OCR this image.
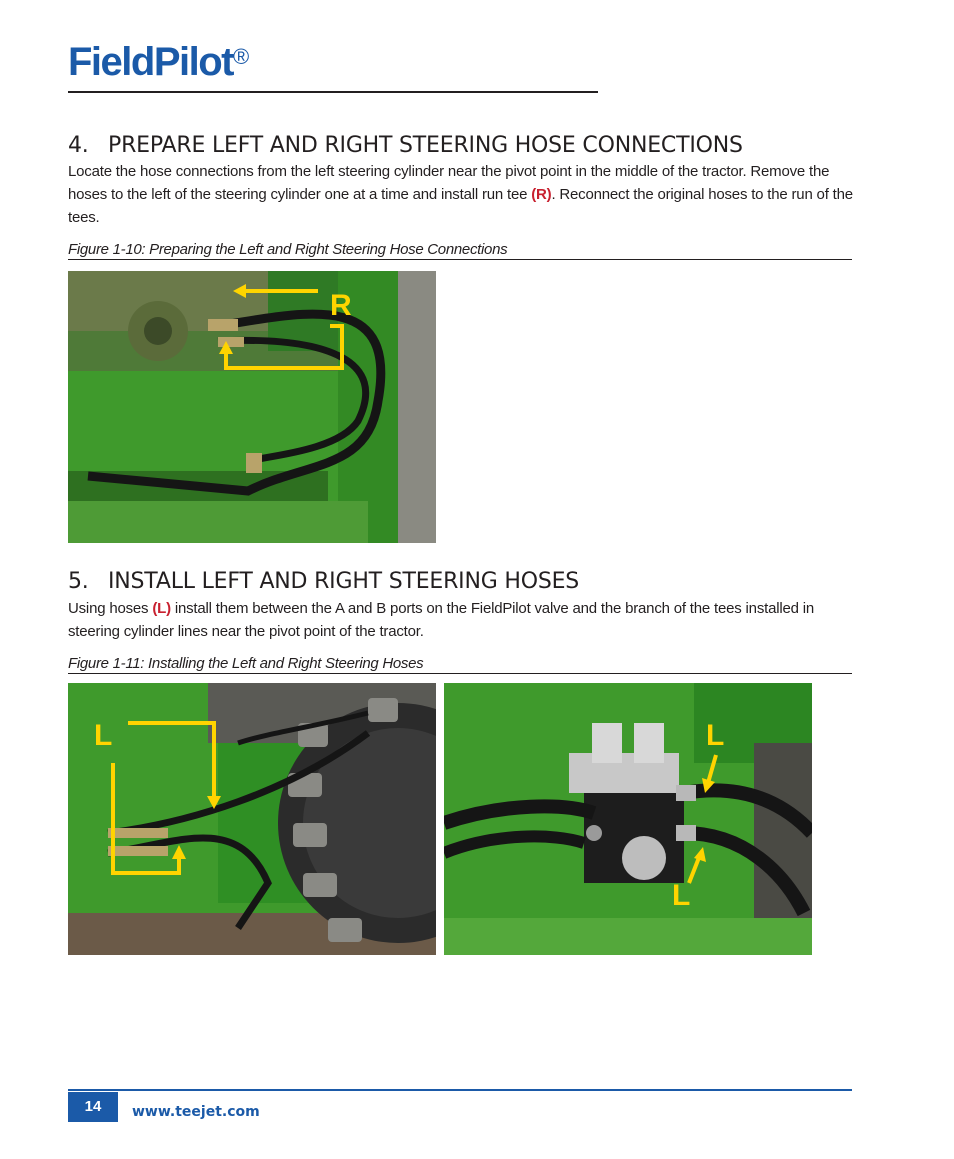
FieldPilot®
4. PREPARE LEFT AND RIGHT STEERING HOSE CONNECTIONS
Locate the hose connections from the left steering cylinder near the pivot point in the middle of the tractor. Remove the hoses to the left of the steering cylinder one at a time and install run tee (R). Reconnect the original hoses to the run of the tees.
Figure 1-10: Preparing the Left and Right Steering Hose Connections
R
5. INSTALL LEFT AND RIGHT STEERING HOSES
Using hoses (L) install them between the A and B ports on the FieldPilot valve and the branch of the tees installed in steering cylinder lines near the pivot point of the tractor.
Figure 1-11: Installing the Left and Right Steering Hoses
L	L
L
14	www.teejet.com
